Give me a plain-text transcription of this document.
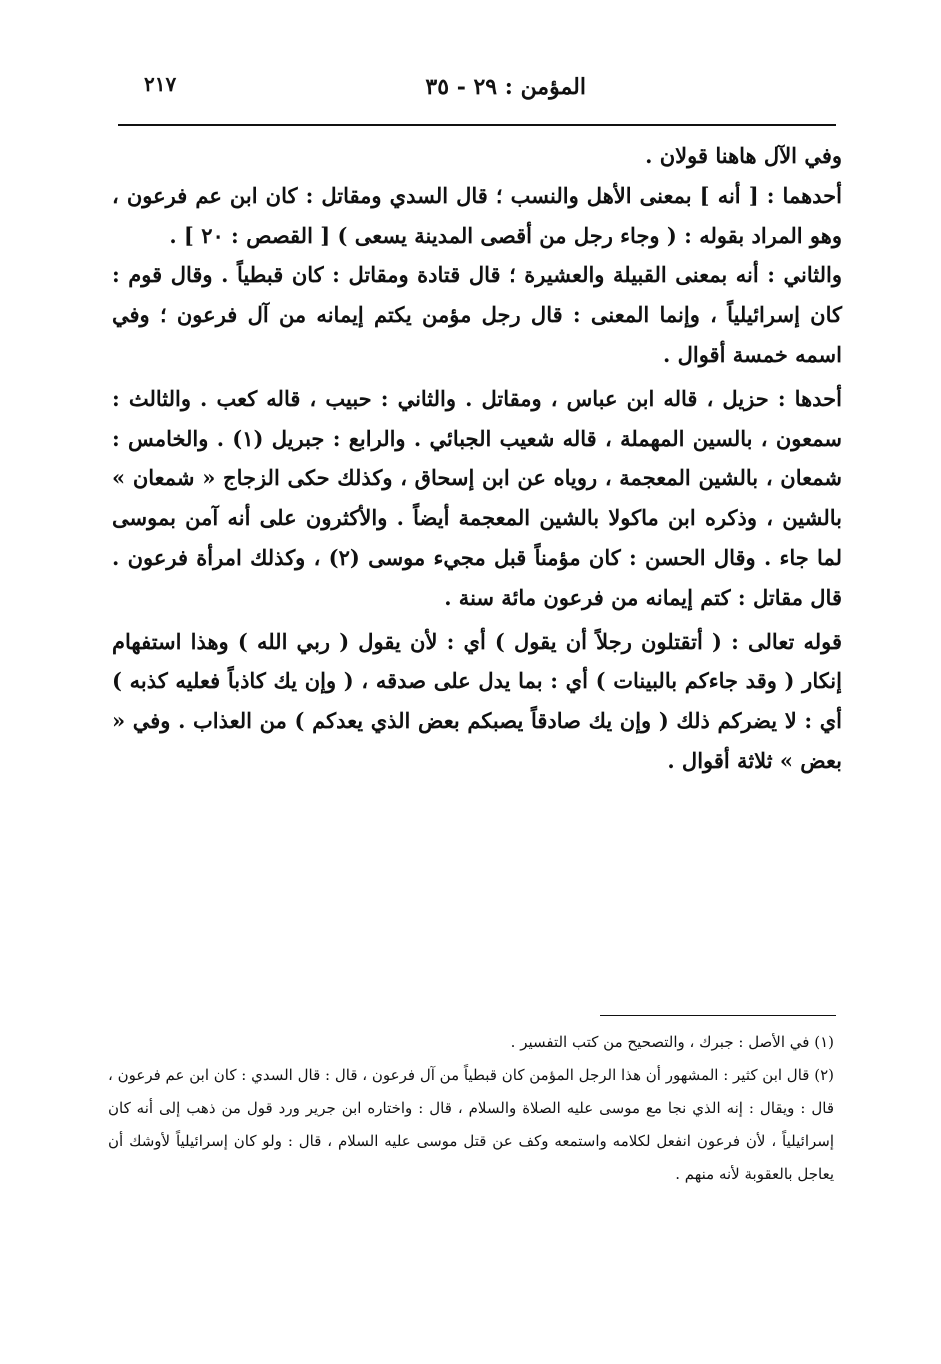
المؤمن : ٢٩ - ٣٥
٢١٧

وفي الآل هاهنا قولان .

أحدهما : [ أنه ] بمعنى الأهل والنسب ؛ قال السدي ومقاتل : كان ابن عم فرعون ، وهو المراد بقوله : ( وجاء رجل من أقصى المدينة يسعى ) [ القصص : ٢٠ ] .

والثاني : أنه بمعنى القبيلة والعشيرة ؛ قال قتادة ومقاتل : كان قبطياً . وقال قوم : كان إسرائيلياً ، وإنما المعنى : قال رجل مؤمن يكتم إيمانه من آل فرعون ؛ وفي اسمه خمسة أقوال .

أحدها : حزيل ، قاله ابن عباس ، ومقاتل . والثاني : حبيب ، قاله كعب . والثالث : سمعون ، بالسين المهملة ، قاله شعيب الجبائي . والرابع : جبريل (١) . والخامس : شمعان ، بالشين المعجمة ، روياه عن ابن إسحاق ، وكذلك حكى الزجاج « شمعان » بالشين ، وذكره ابن ماكولا بالشين المعجمة أيضاً . والأكثرون على أنه آمن بموسى لما جاء . وقال الحسن : كان مؤمناً قبل مجيء موسى (٢) ، وكذلك امرأة فرعون . قال مقاتل : كتم إيمانه من فرعون مائة سنة .

قوله تعالى : ( أتقتلون رجلاً أن يقول ) أي : لأن يقول ( ربي الله ) وهذا استفهام إنكار ( وقد جاءكم بالبينات ) أي : بما يدل على صدقه ، ( وإن يك كاذباً فعليه كذبه ) أي : لا يضركم ذلك ( وإن يك صادقاً يصبكم بعض الذي يعدكم ) من العذاب . وفي « بعض » ثلاثة أقوال .

(١) في الأصل : جبرك ، والتصحيح من كتب التفسير .

(٢) قال ابن كثير : المشهور أن هذا الرجل المؤمن كان قبطياً من آل فرعون ، قال : قال السدي : كان ابن عم فرعون ، قال : ويقال : إنه الذي نجا مع موسى عليه الصلاة والسلام ، قال : واختاره ابن جرير ورد قول من ذهب إلى أنه كان إسرائيلياً ، لأن فرعون انفعل لكلامه واستمعه وكف عن قتل موسى عليه السلام ، قال : ولو كان إسرائيلياً لأوشك أن يعاجل بالعقوبة لأنه منهم .
